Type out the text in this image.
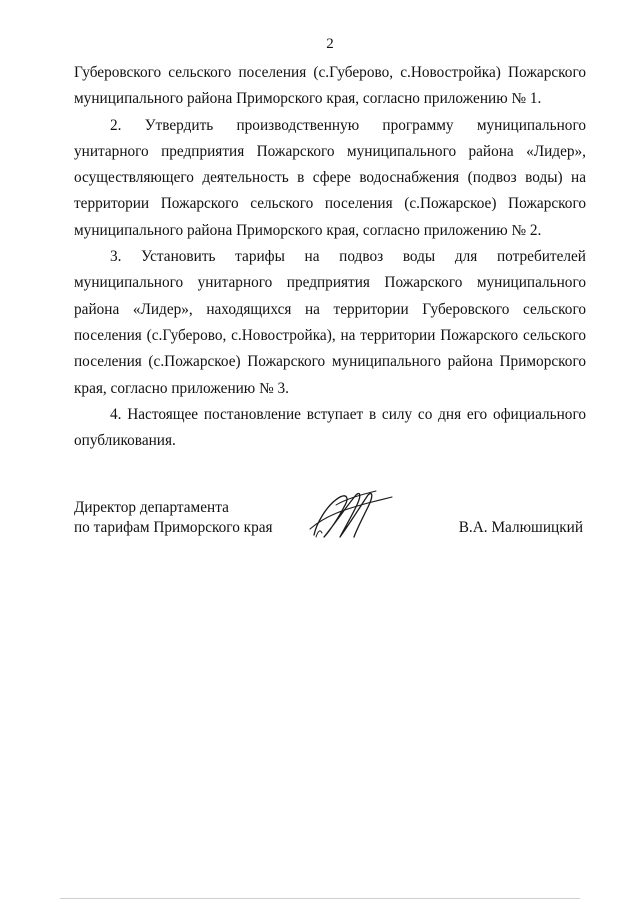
2

Губеровского сельского поселения (с.Губерово, с.Новостройка) Пожарского муниципального района Приморского края, согласно приложению № 1.

2. Утвердить производственную программу муниципального унитарного предприятия Пожарского муниципального района «Лидер», осуществляющего деятельность в сфере водоснабжения (подвоз воды) на территории Пожарского сельского поселения (с.Пожарское) Пожарского муниципального района Приморского края, согласно приложению № 2.

3. Установить тарифы на подвоз воды для потребителей муниципального унитарного предприятия Пожарского муниципального района «Лидер», находящихся на территории Губеровского сельского поселения (с.Губерово, с.Новостройка), на территории Пожарского сельского поселения (с.Пожарское) Пожарского муниципального района Приморского края, согласно приложению № 3.

4. Настоящее постановление вступает в силу со дня его официального опубликования.

Директор департамента
по тарифам Приморского края	В.А. Малюшицкий
